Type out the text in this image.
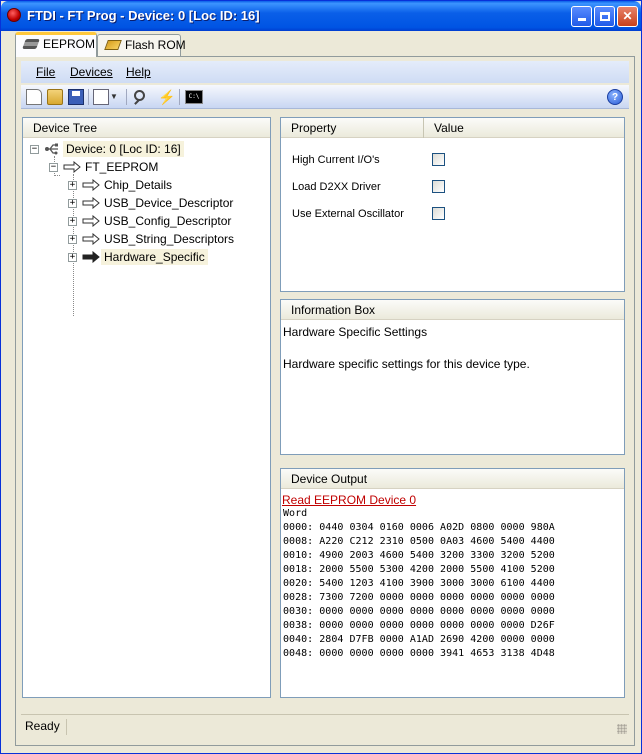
FTDI - FT Prog - Device: 0 [Loc ID: 16]	✕
EEPROM	Flash ROM
File Devices Help
▼	⚡	C:\	?
Device Tree
− Device: 0 [Loc ID: 16]
− FT_EEPROM
+ Chip_Details
+ USB_Device_Descriptor
+ USB_Config_Descriptor
+ USB_String_Descriptors
+ Hardware_Specific
Property	Value
High Current I/O's
Load D2XX Driver
Use External Oscillator
Information Box
Hardware Specific Settings
Hardware specific settings for this device type.
Device Output
Read EEPROM Device 0
Word
0000: 0440 0304 0160 0006 A02D 0800 0000 980A
0008: A220 C212 2310 0500 0A03 4600 5400 4400
0010: 4900 2003 4600 5400 3200 3300 3200 5200
0018: 2000 5500 5300 4200 2000 5500 4100 5200
0020: 5400 1203 4100 3900 3000 3000 6100 4400
0028: 7300 7200 0000 0000 0000 0000 0000 0000
0030: 0000 0000 0000 0000 0000 0000 0000 0000
0038: 0000 0000 0000 0000 0000 0000 0000 D26F
0040: 2804 D7FB 0000 A1AD 2690 4200 0000 0000
0048: 0000 0000 0000 0000 3941 4653 3138 4D48
Ready
